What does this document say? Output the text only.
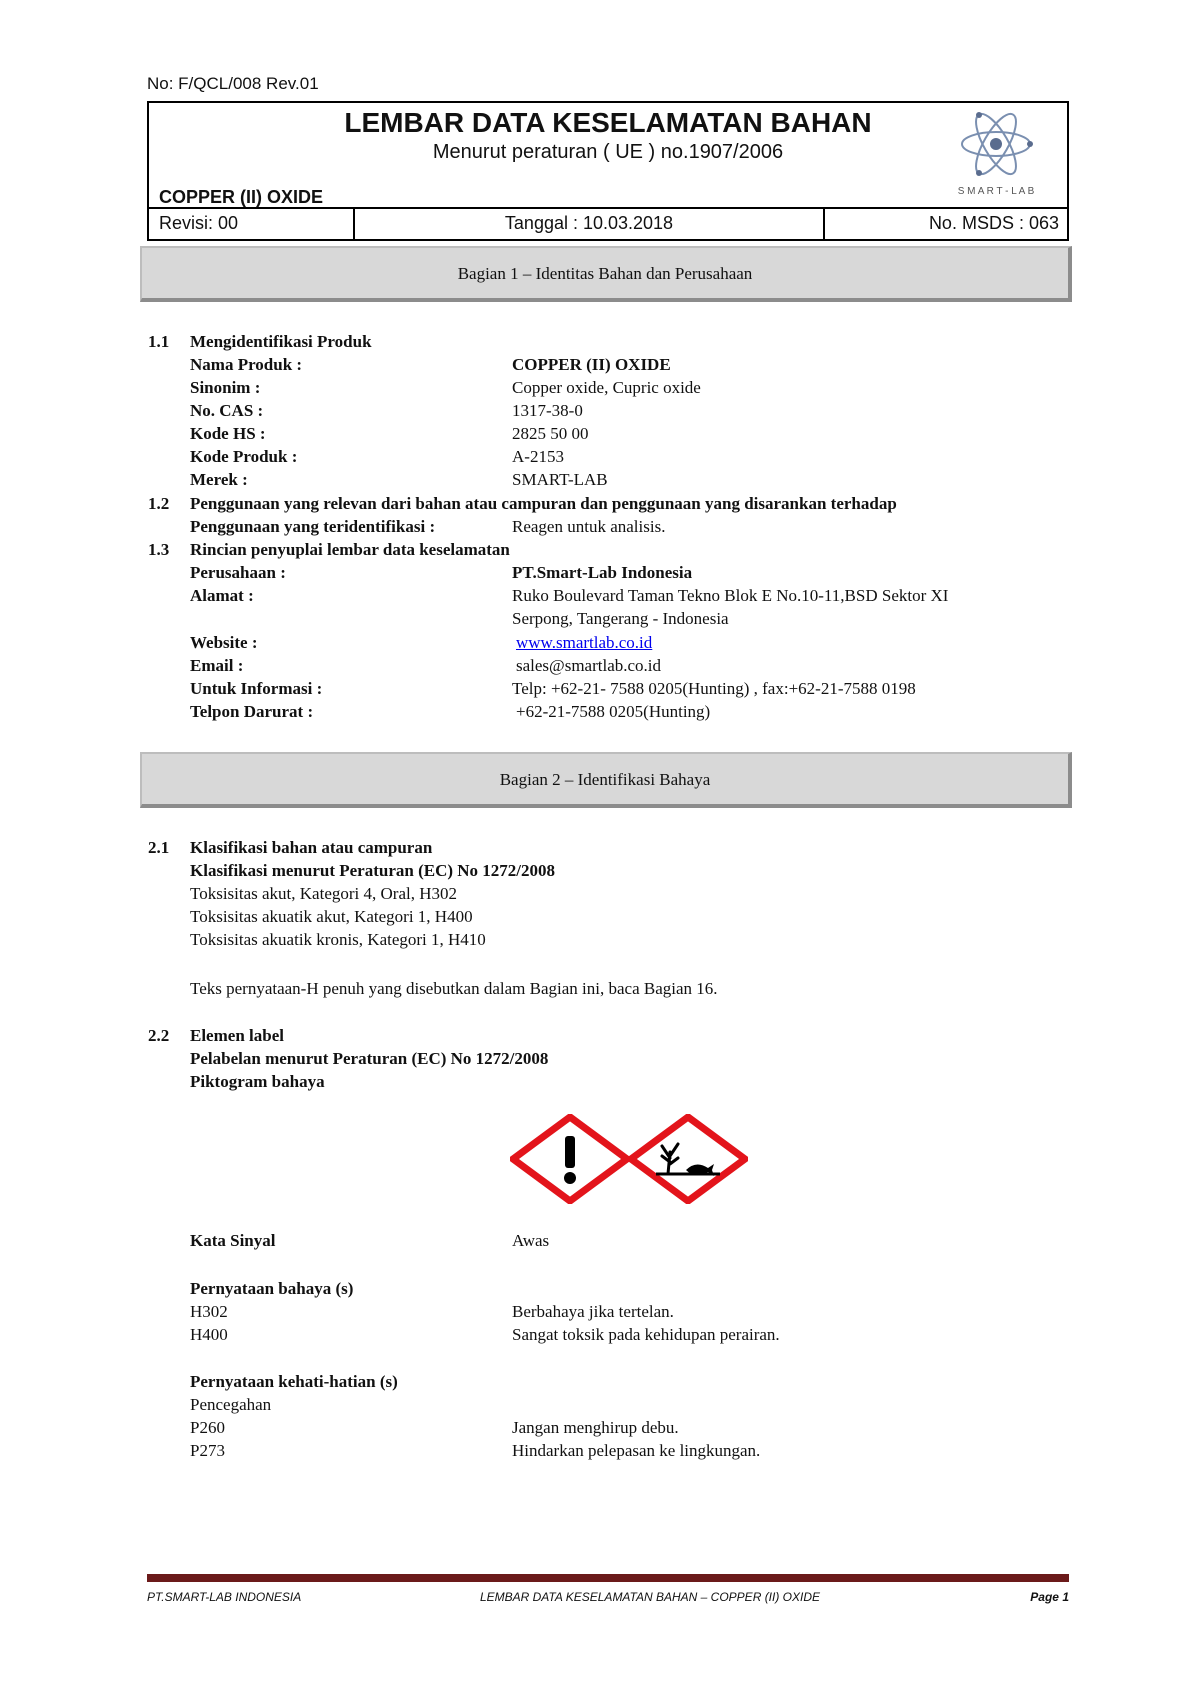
No: F/QCL/008 Rev.01
LEMBAR DATA KESELAMATAN BAHAN
Menurut peraturan ( UE ) no.1907/2006
COPPER (II) OXIDE	S M A R T - L A B
Revisi: 00	Tanggal : 10.03.2018	No. MSDS : 063
Bagian 1 – Identitas Bahan dan Perusahaan
1.1 Mengidentifikasi Produk
Nama Produk :	COPPER (II) OXIDE
Sinonim :	Copper oxide, Cupric oxide
No. CAS :	1317-38-0
Kode HS :	2825 50 00
Kode Produk :	A-2153
Merek :	SMART-LAB
1.2 Penggunaan yang relevan dari bahan atau campuran dan penggunaan yang disarankan terhadap
Penggunaan yang teridentifikasi :	Reagen untuk analisis.
1.3 Rincian penyuplai lembar data keselamatan
Perusahaan :	PT.Smart-Lab Indonesia
Alamat :	Ruko Boulevard Taman Tekno Blok E No.10-11,BSD Sektor XI
Serpong, Tangerang - Indonesia
Website :	www.smartlab.co.id
Email :	sales@smartlab.co.id
Untuk Informasi :	Telp: +62-21- 7588 0205(Hunting) , fax:+62-21-7588 0198
Telpon Darurat :	+62-21-7588 0205(Hunting)
Bagian 2 – Identifikasi Bahaya
2.1 Klasifikasi bahan atau campuran
Klasifikasi menurut Peraturan (EC) No 1272/2008
Toksisitas akut, Kategori 4, Oral, H302
Toksisitas akuatik akut, Kategori 1, H400
Toksisitas akuatik kronis, Kategori 1, H410
Teks pernyataan-H penuh yang disebutkan dalam Bagian ini, baca Bagian 16.
2.2 Elemen label
Pelabelan menurut Peraturan (EC) No 1272/2008
Piktogram bahaya
Kata Sinyal	Awas
Pernyataan bahaya (s)
H302	Berbahaya jika tertelan.
H400	Sangat toksik pada kehidupan perairan.
Pernyataan kehati-hatian (s)
Pencegahan
P260	Jangan menghirup debu.
P273	Hindarkan pelepasan ke lingkungan.
PT.SMART-LAB INDONESIA	LEMBAR DATA KESELAMATAN BAHAN – COPPER (II) OXIDE	Page 1
